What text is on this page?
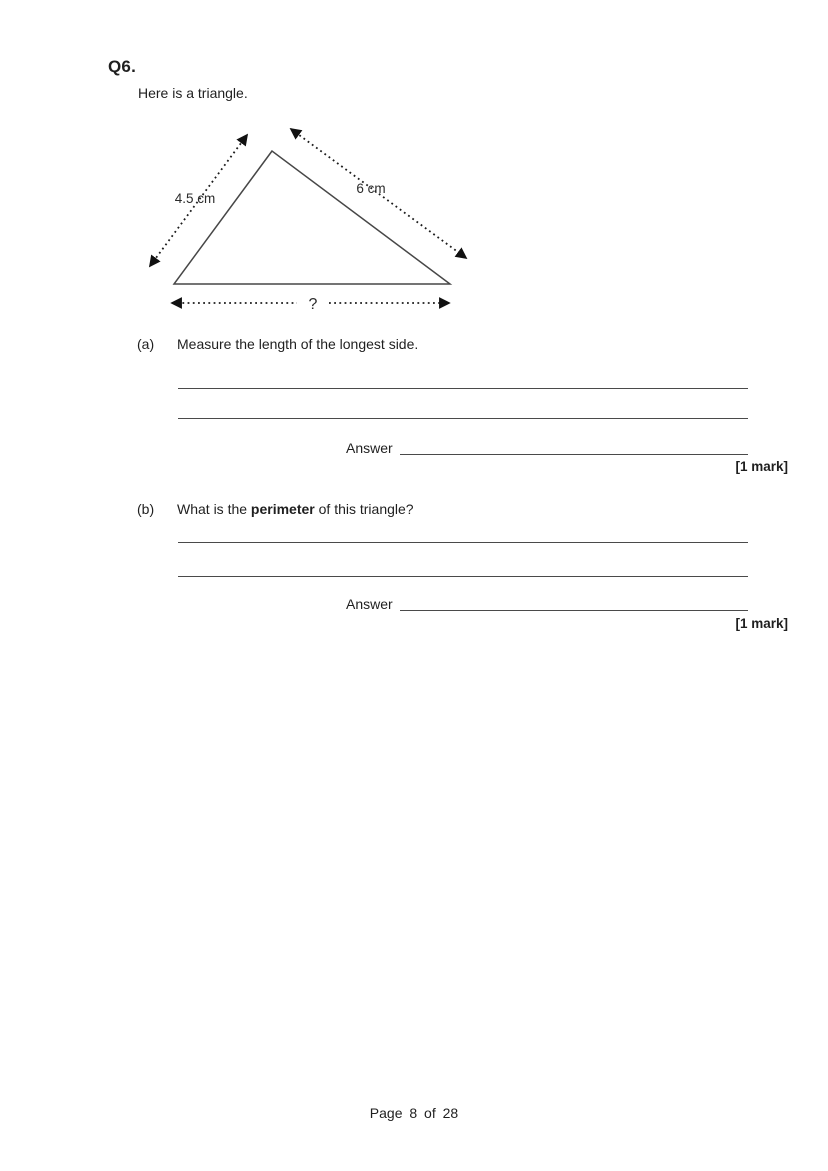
Q6.
Here is a triangle.
4.5 cm
6 cm
?
(a) Measure the length of the longest side.
Answer
[1 mark]
(b) What is the perimeter of this triangle?
Answer
[1 mark]
Page 8 of 28
